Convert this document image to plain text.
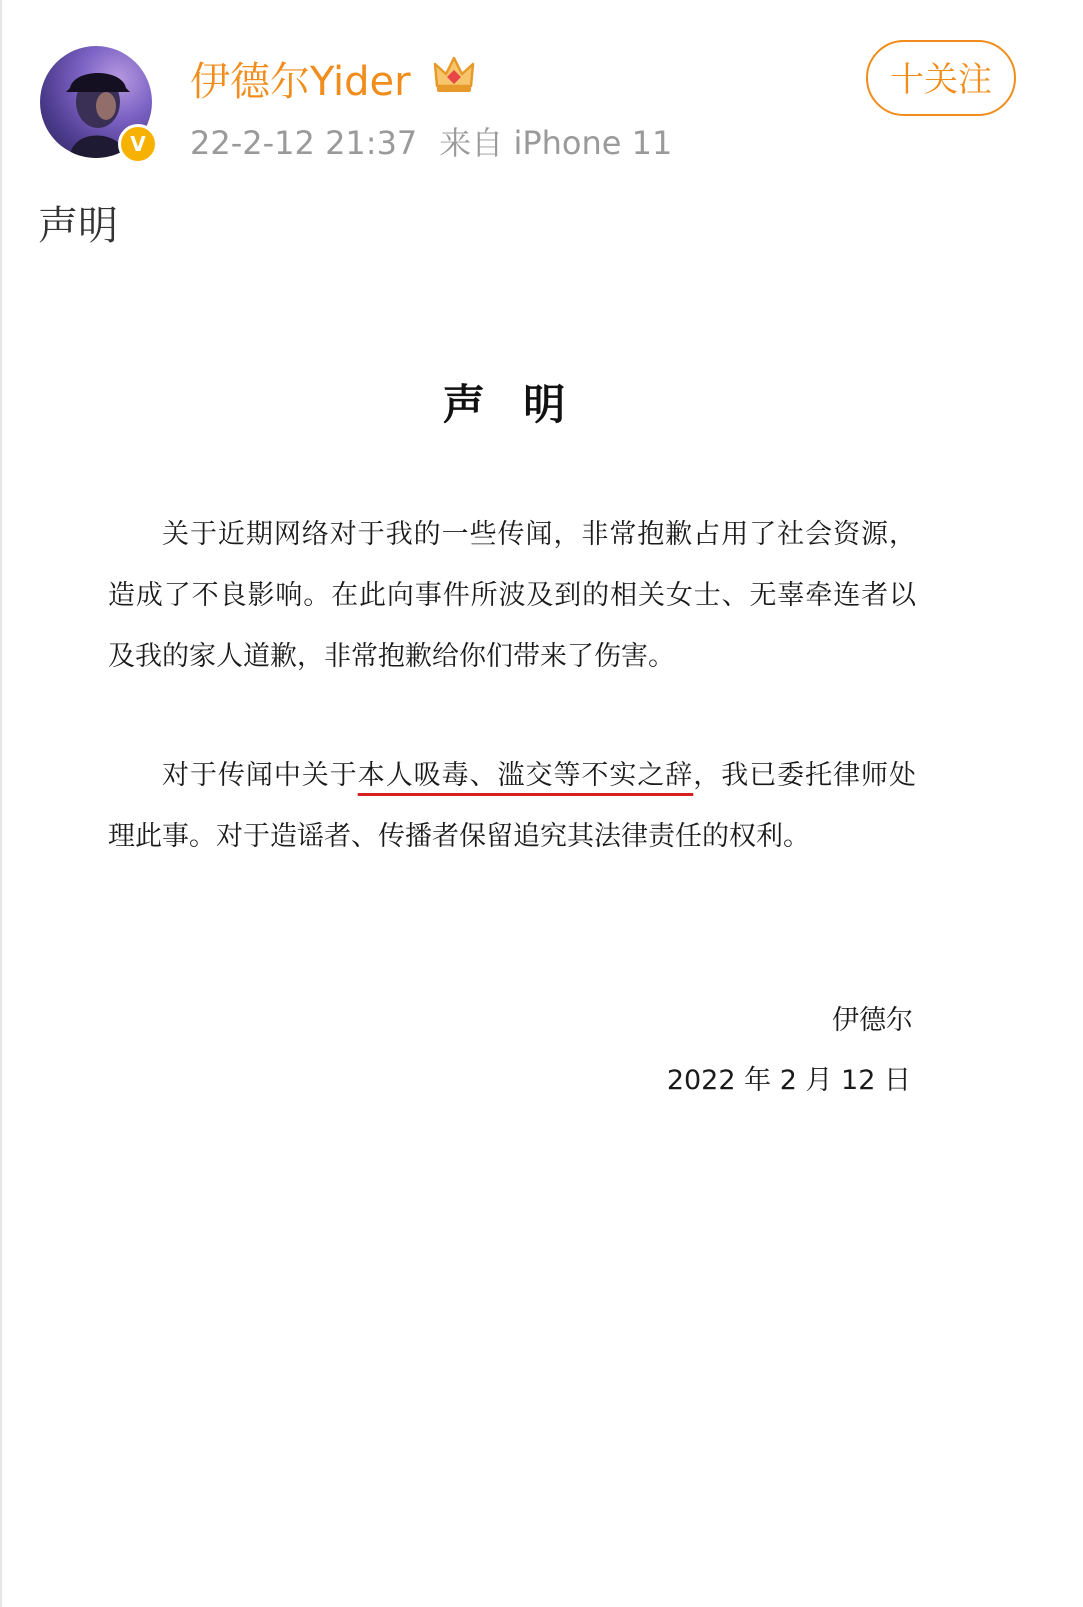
V
伊德尔Yider
22-2-12 21:37 来自 iPhone 11
十关注
声明
声 明
关于近期网络对于我的一些传闻，非常抱歉占用了社会资源，造成了不良影响。在此向事件所波及到的相关女士、无辜牵连者以及我的家人道歉，非常抱歉给你们带来了伤害。
对于传闻中关于本人吸毒、滥交等不实之辞，我已委托律师处理此事。对于造谣者、传播者保留追究其法律责任的权利。
伊德尔
2022 年 2 月 12 日
